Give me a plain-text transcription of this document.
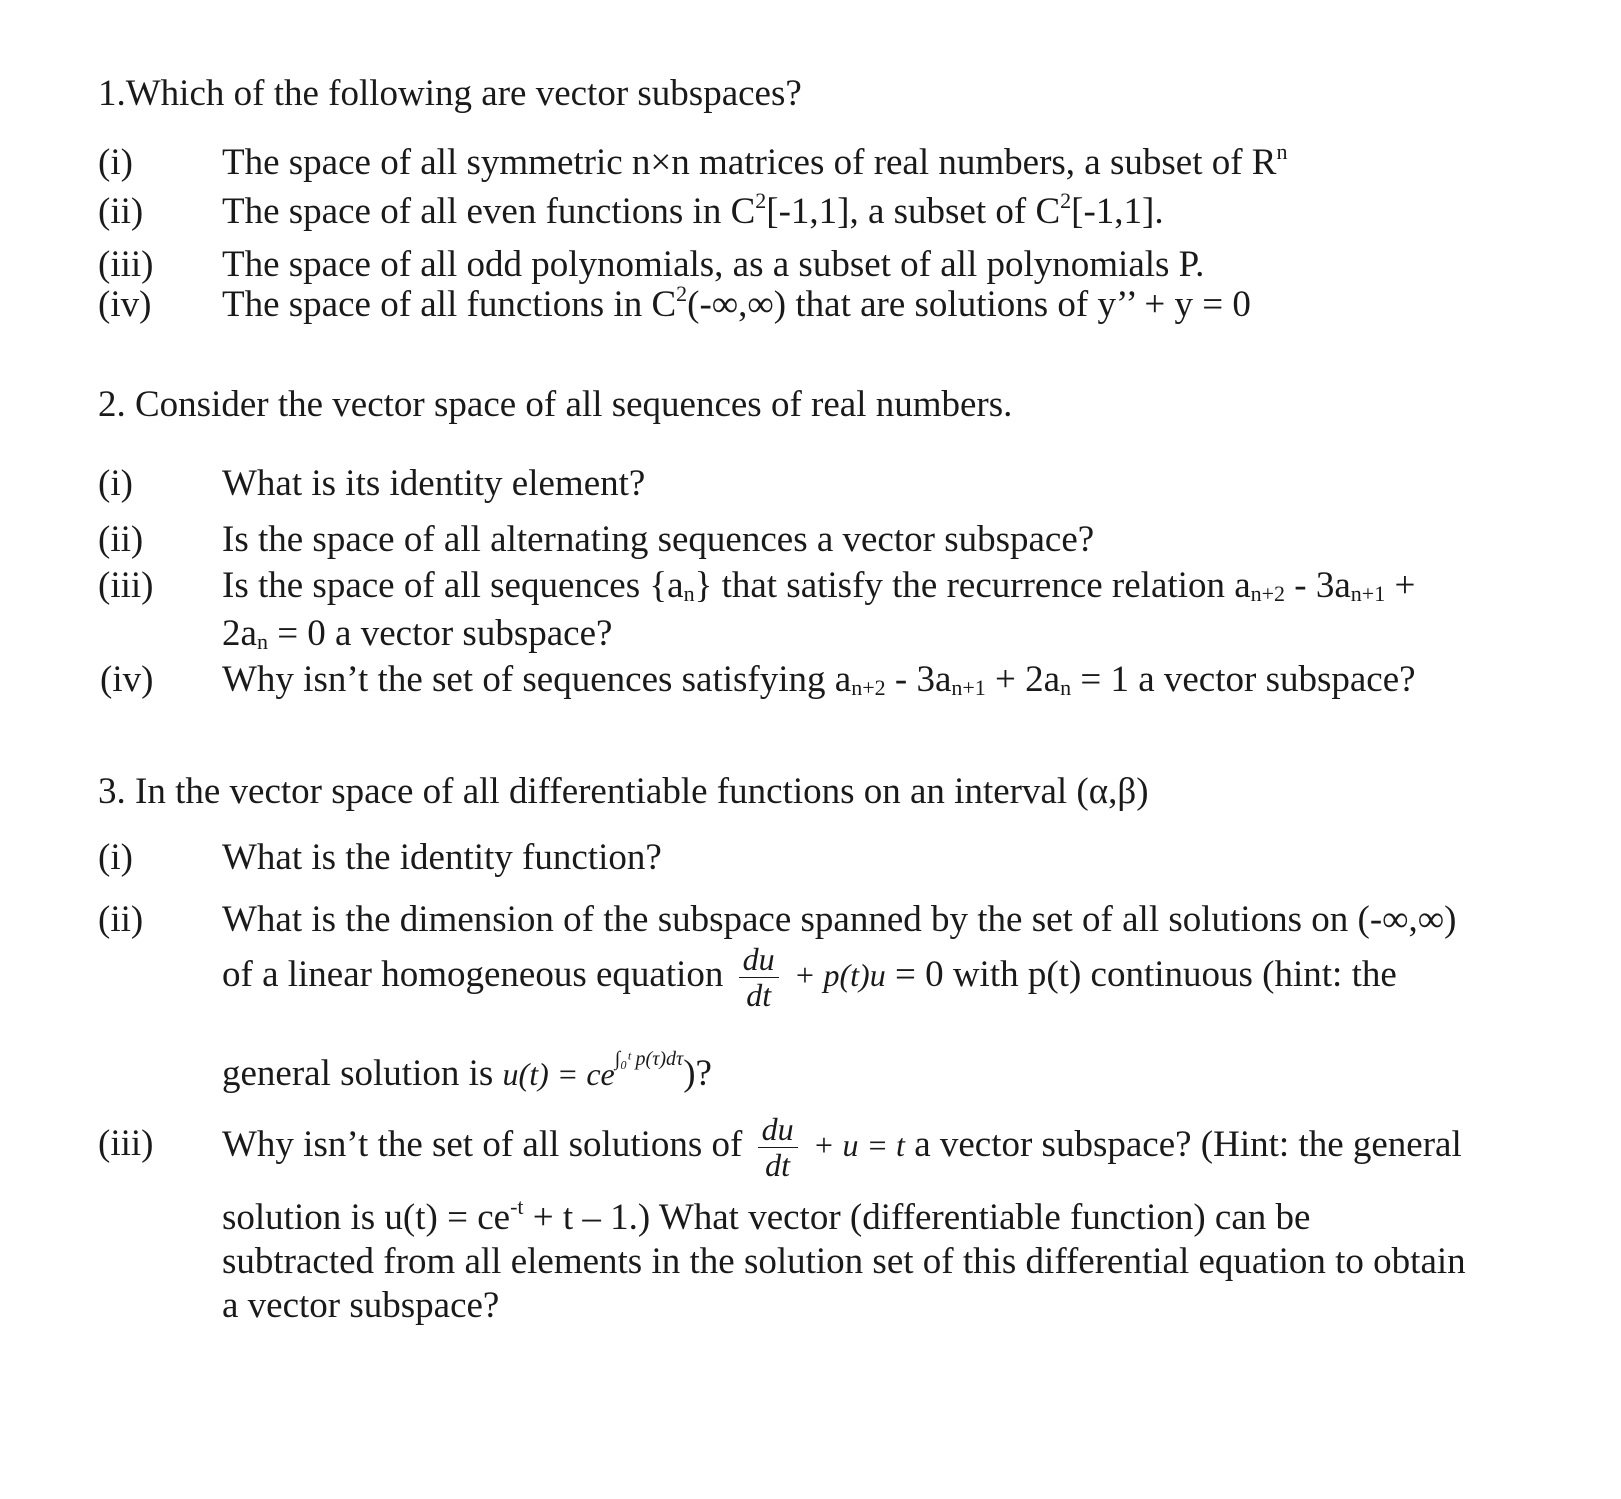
1.Which of the following are vector subspaces?
(i) The space of all symmetric n×n matrices of real numbers, a subset of $R^n$
(ii) The space of all even functions in $C^2[-1,1]$, a subset of $C^2[-1,1]$.
(iii) The space of all odd polynomials, as a subset of all polynomials P.
(iv) The space of all functions in $C^2(-\infty,\infty)$ that are solutions of y’’ + y = 0
2. Consider the vector space of all sequences of real numbers.
(i) What is its identity element?
(ii) Is the space of all alternating sequences a vector subspace?
(iii) Is the space of all sequences $\{a_n\}$ that satisfy the recurrence relation $a_{n+2} - 3a_{n+1}$ +
$2a_n = 0$ a vector subspace?
(iv) Why isn’t the set of sequences satisfying $a_{n+2} - 3a_{n+1} + 2a_n = 1$ a vector subspace?
3. In the vector space of all differentiable functions on an interval (α,β)
(i) What is the identity function?
(ii) What is the dimension of the subspace spanned by the set of all solutions on (-∞,∞)
of a linear homogeneous equation $\frac{du}{dt} + p(t)u = 0$ with p(t) continuous (hint: the
general solution is $u(t) = ce^{\int_0ᵗ p(\tau)d\tau}$)?
(iii) Why isn’t the set of all solutions of $\frac{du}{dt} + u = t$ a vector subspace? (Hint: the general
solution is $u(t) = ce^{-t} + t - 1$.) What vector (differentiable function) can be
subtracted from all elements in the solution set of this differential equation to obtain
a vector subspace?
